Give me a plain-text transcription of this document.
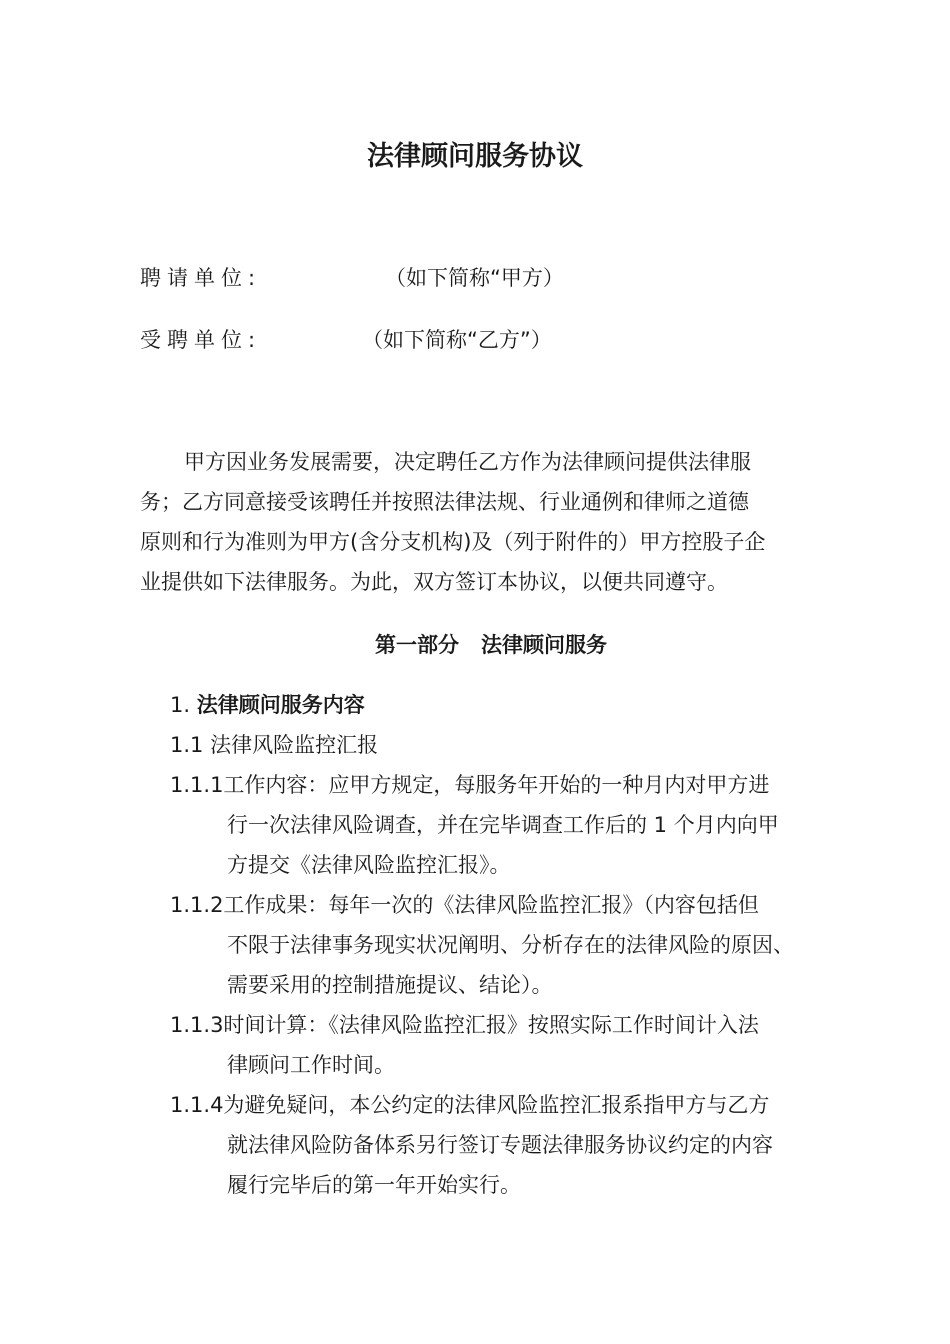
法律顾问服务协议
聘请单位:	（如下简称“甲方）
受聘单位:	（如下简称“乙方”）
甲方因业务发展需要，决定聘任乙方作为法律顾问提供法律服
务；乙方同意接受该聘任并按照法律法规、行业通例和律师之道德
原则和行为准则为甲方(含分支机构)及（列于附件的）甲方控股子企
业提供如下法律服务。为此，双方签订本协议，以便共同遵守。
第一部分   法律顾问服务
1. 法律顾问服务内容
1.1 法律风险监控汇报
1.1.1工作内容：应甲方规定，每服务年开始的一种月内对甲方进

行一次法律风险调查，并在完毕调查工作后的 1 个月内向甲
方提交《法律风险监控汇报》。
1.1.2工作成果：每年一次的《法律风险监控汇报》（内容包括但

不限于法律事务现实状况阐明、分析存在的法律风险的原因、
需要采用的控制措施提议、结论）。
1.1.3时间计算：《法律风险监控汇报》按照实际工作时间计入法

律顾问工作时间。
1.1.4为避免疑问，本公约定的法律风险监控汇报系指甲方与乙方

就法律风险防备体系另行签订专题法律服务协议约定的内容
履行完毕后的第一年开始实行。
